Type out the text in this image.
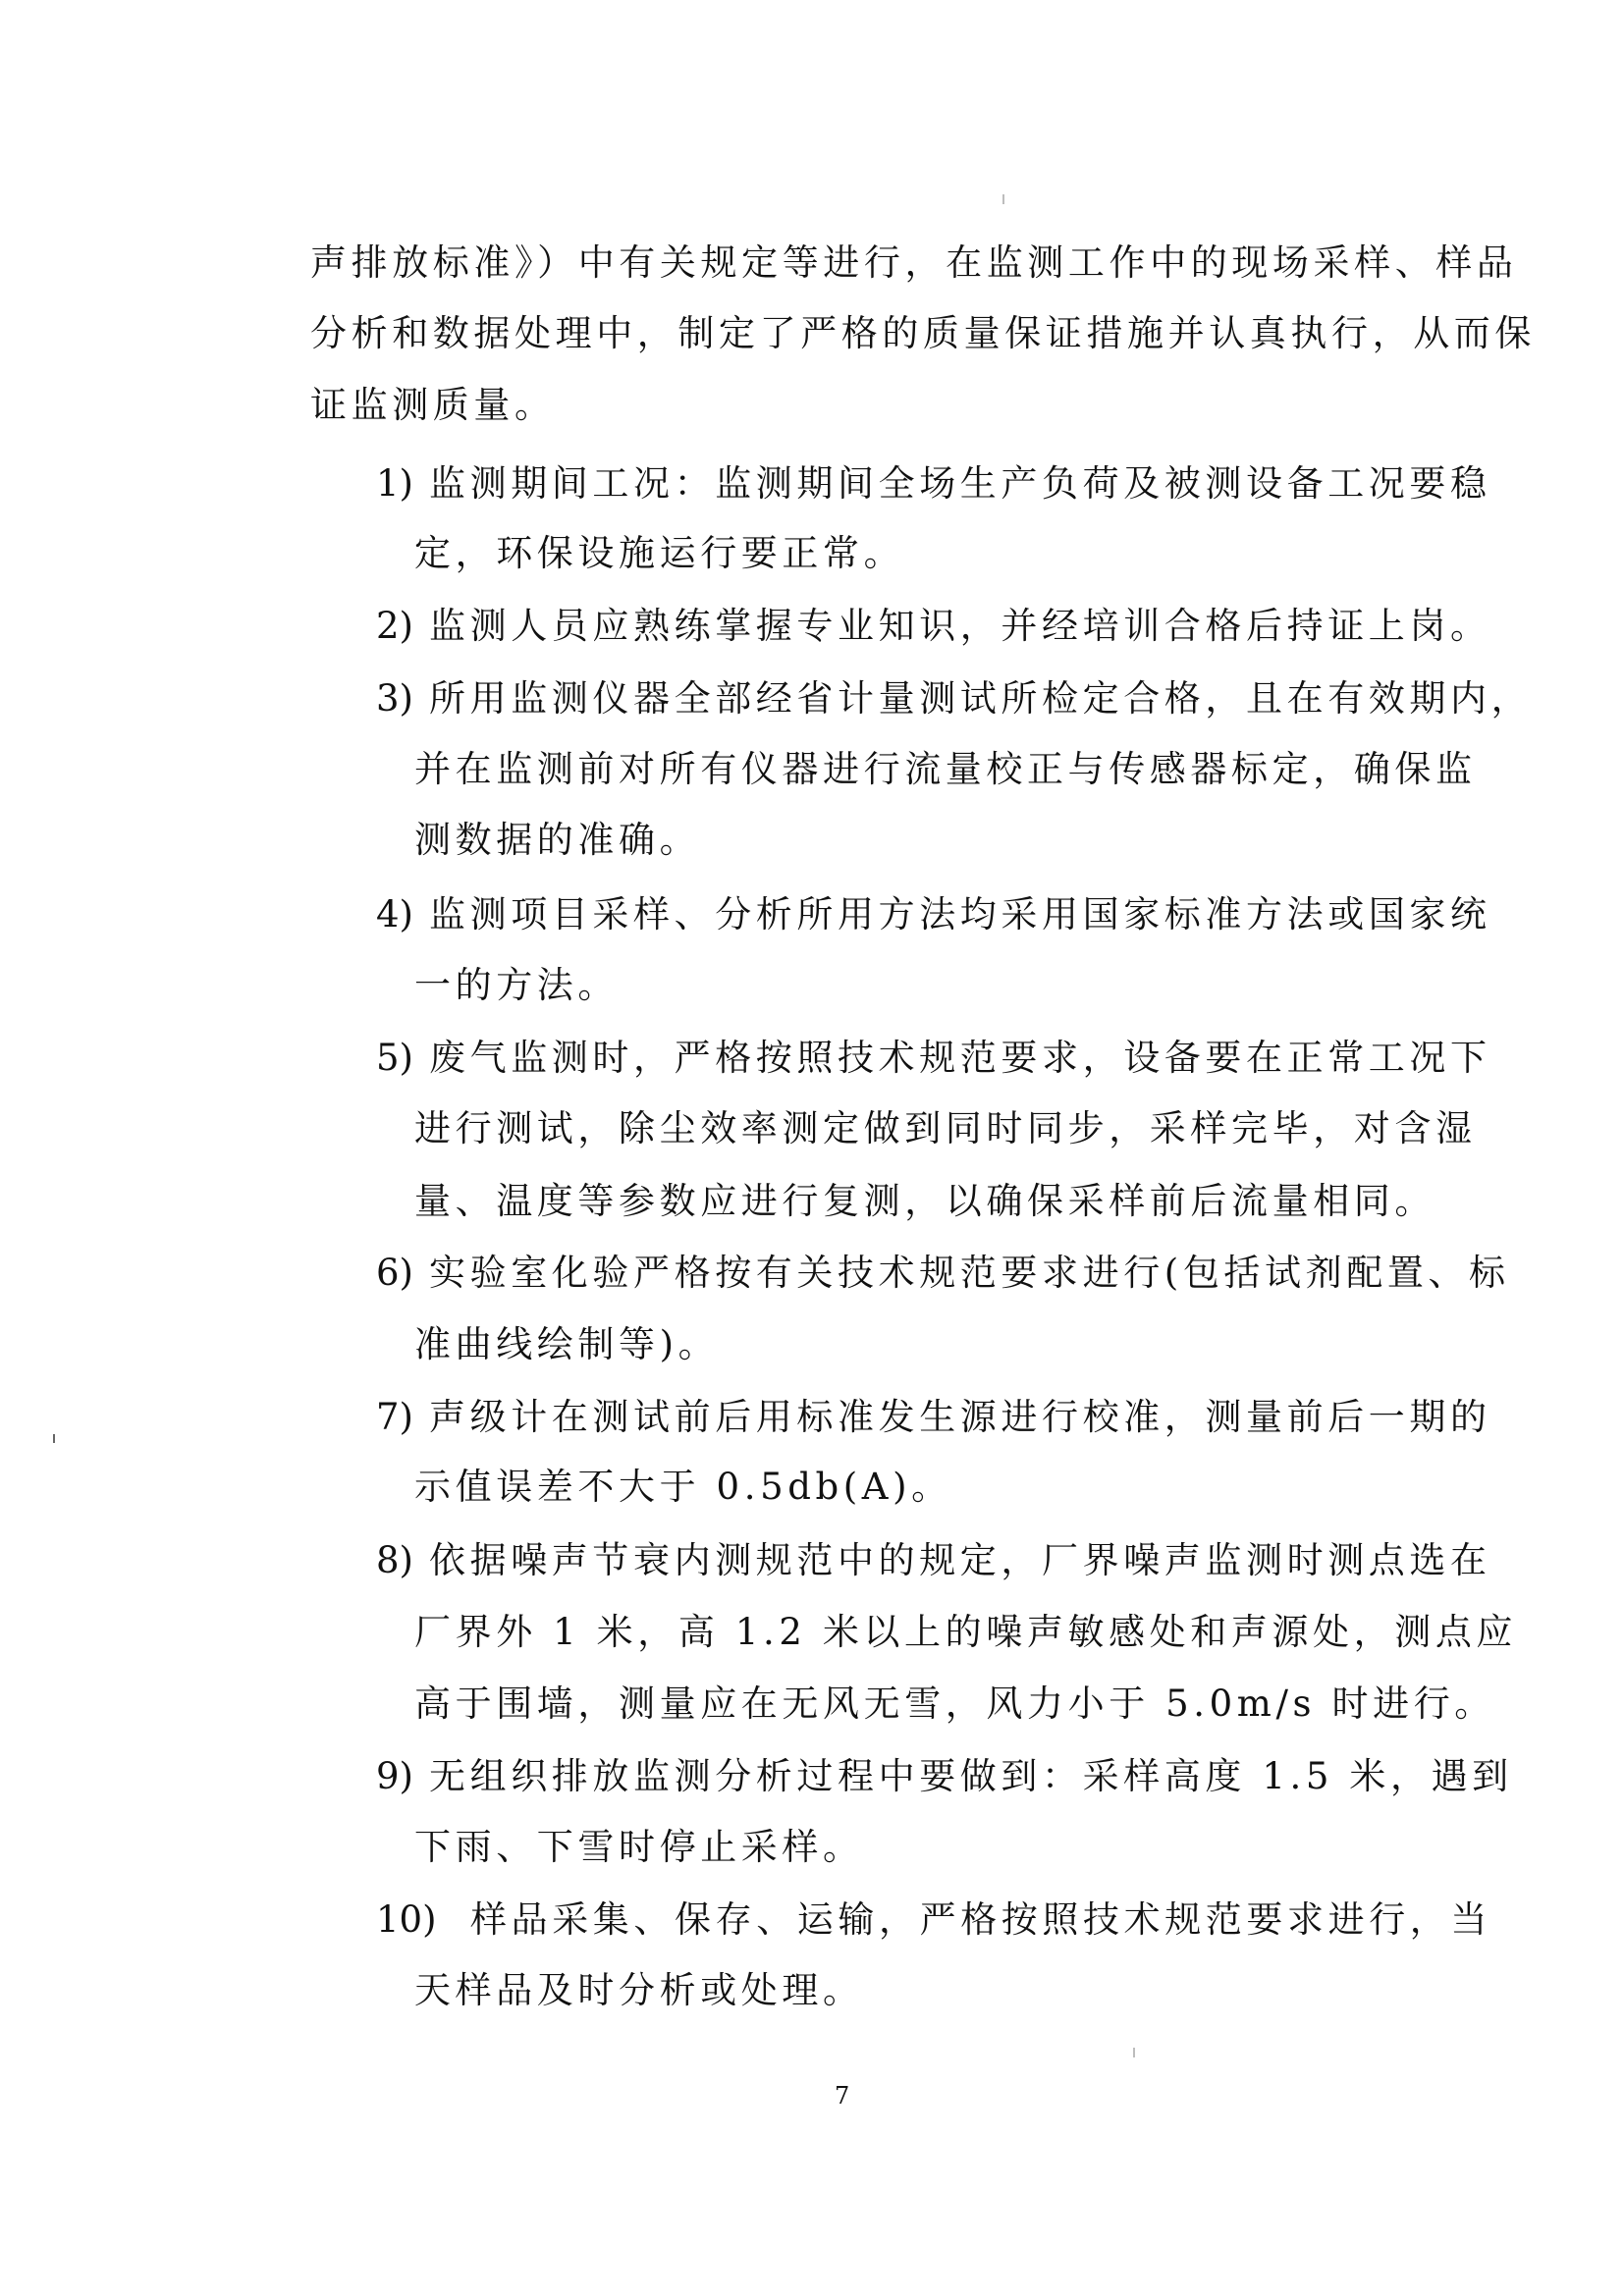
声排放标准》）中有关规定等进行，在监测工作中的现场采样、样品
分析和数据处理中，制定了严格的质量保证措施并认真执行，从而保
证监测质量。
1) 监测期间工况：监测期间全场生产负荷及被测设备工况要稳
定，环保设施运行要正常。
2) 监测人员应熟练掌握专业知识，并经培训合格后持证上岗。
3) 所用监测仪器全部经省计量测试所检定合格，且在有效期内，
并在监测前对所有仪器进行流量校正与传感器标定，确保监
测数据的准确。
4) 监测项目采样、分析所用方法均采用国家标准方法或国家统
一的方法。
5) 废气监测时，严格按照技术规范要求，设备要在正常工况下
进行测试，除尘效率测定做到同时同步，采样完毕，对含湿
量、温度等参数应进行复测，以确保采样前后流量相同。
6) 实验室化验严格按有关技术规范要求进行(包括试剂配置、标
准曲线绘制等)。
7) 声级计在测试前后用标准发生源进行校准，测量前后一期的
示值误差不大于 0.5db(A)。
8) 依据噪声节衰内测规范中的规定，厂界噪声监测时测点选在
厂界外 1 米，高 1.2 米以上的噪声敏感处和声源处，测点应
高于围墙，测量应在无风无雪，风力小于 5.0m/s 时进行。
9) 无组织排放监测分析过程中要做到：采样高度 1.5 米，遇到
下雨、下雪时停止采样。
10) 样品采集、保存、运输，严格按照技术规范要求进行，当
天样品及时分析或处理。
7
